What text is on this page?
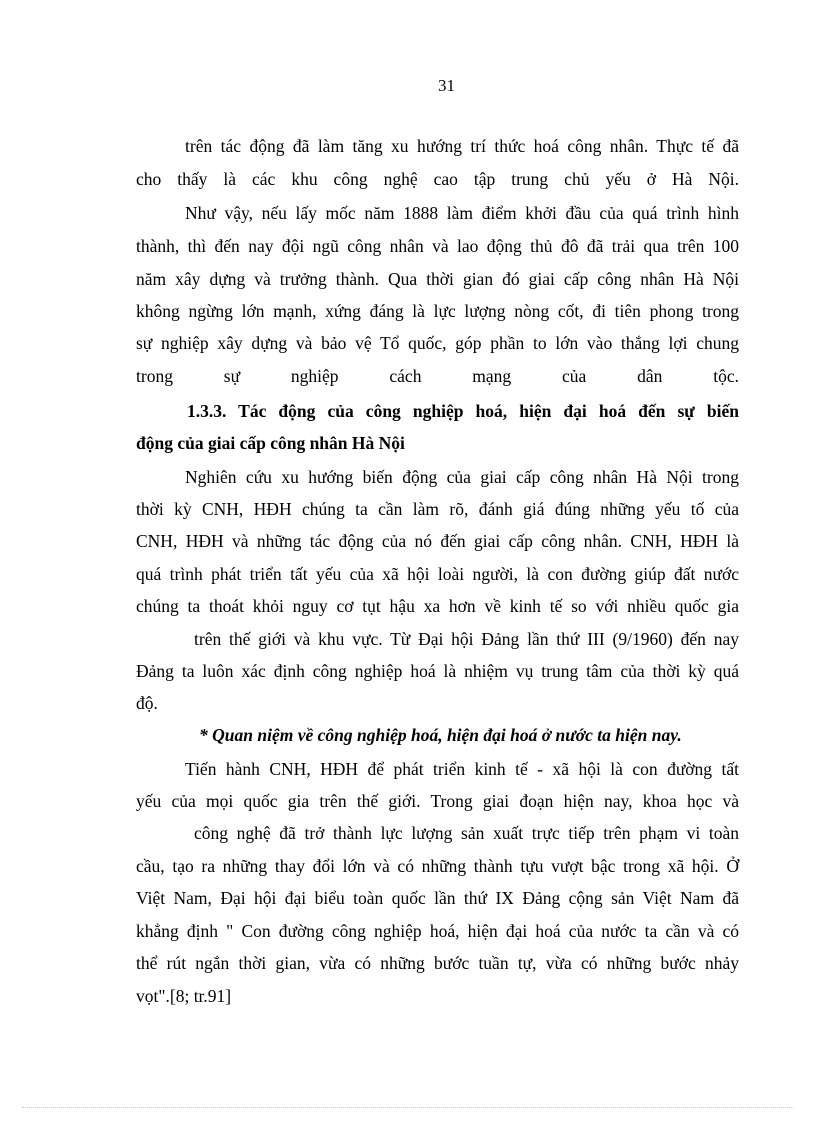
31
trên tác động đã làm tăng xu hướng trí thức hoá công nhân. Thực tế đã
cho thấy là các khu công nghệ cao tập trung chủ yếu ở Hà Nội.
Như vậy, nếu lấy mốc năm 1888 làm điểm khởi đầu của quá trình hình
thành, thì đến nay đội ngũ công nhân và lao động thủ đô đã trải qua trên 100
năm xây dựng và trưởng thành. Qua thời gian đó giai cấp công nhân Hà Nội
không ngừng lớn mạnh, xứng đáng là lực lượng nòng cốt, đi tiên phong trong
sự nghiệp xây dựng và bảo vệ Tổ quốc, góp phần to lớn vào thắng lợi chung
trong sự nghiệp cách mạng của dân tộc.
1.3.3. Tác động của công nghiệp hoá, hiện đại hoá đến sự biến
động của giai cấp công nhân Hà Nội
Nghiên cứu xu hướng biến động của giai cấp công nhân Hà Nội trong
thời kỳ CNH, HĐH chúng ta cần làm rõ, đánh giá đúng những yếu tố của
CNH, HĐH và những tác động của nó đến giai cấp công nhân. CNH, HĐH là
quá trình phát triển tất yếu của xã hội loài người, là con đường giúp đất nước
chúng ta thoát khỏi nguy cơ tụt hậu xa hơn về kinh tế so với nhiều quốc gia
trên thế giới và khu vực. Từ Đại hội Đảng lần thứ III (9/1960) đến nay
Đảng ta luôn xác định công nghiệp hoá là nhiệm vụ trung tâm của thời kỳ quá
độ.
* Quan niệm về công nghiệp hoá, hiện đại hoá ở nước ta hiện nay.
Tiến hành CNH, HĐH để phát triển kinh tế - xã hội là con đường tất
yếu của mọi quốc gia trên thế giới. Trong giai đoạn hiện nay, khoa học và
công nghệ đã trở thành lực lượng sản xuất trực tiếp trên phạm vi toàn
cầu, tạo ra những thay đổi lớn và có những thành tựu vượt bậc trong xã hội. Ở
Việt Nam, Đại hội đại biểu toàn quốc lần thứ IX Đảng cộng sản Việt Nam đã
khẳng định " Con đường công nghiệp hoá, hiện đại hoá của nước ta cần và có
thể rút ngắn thời gian, vừa có những bước tuần tự, vừa có những bước nhảy
vọt".[8; tr.91]
